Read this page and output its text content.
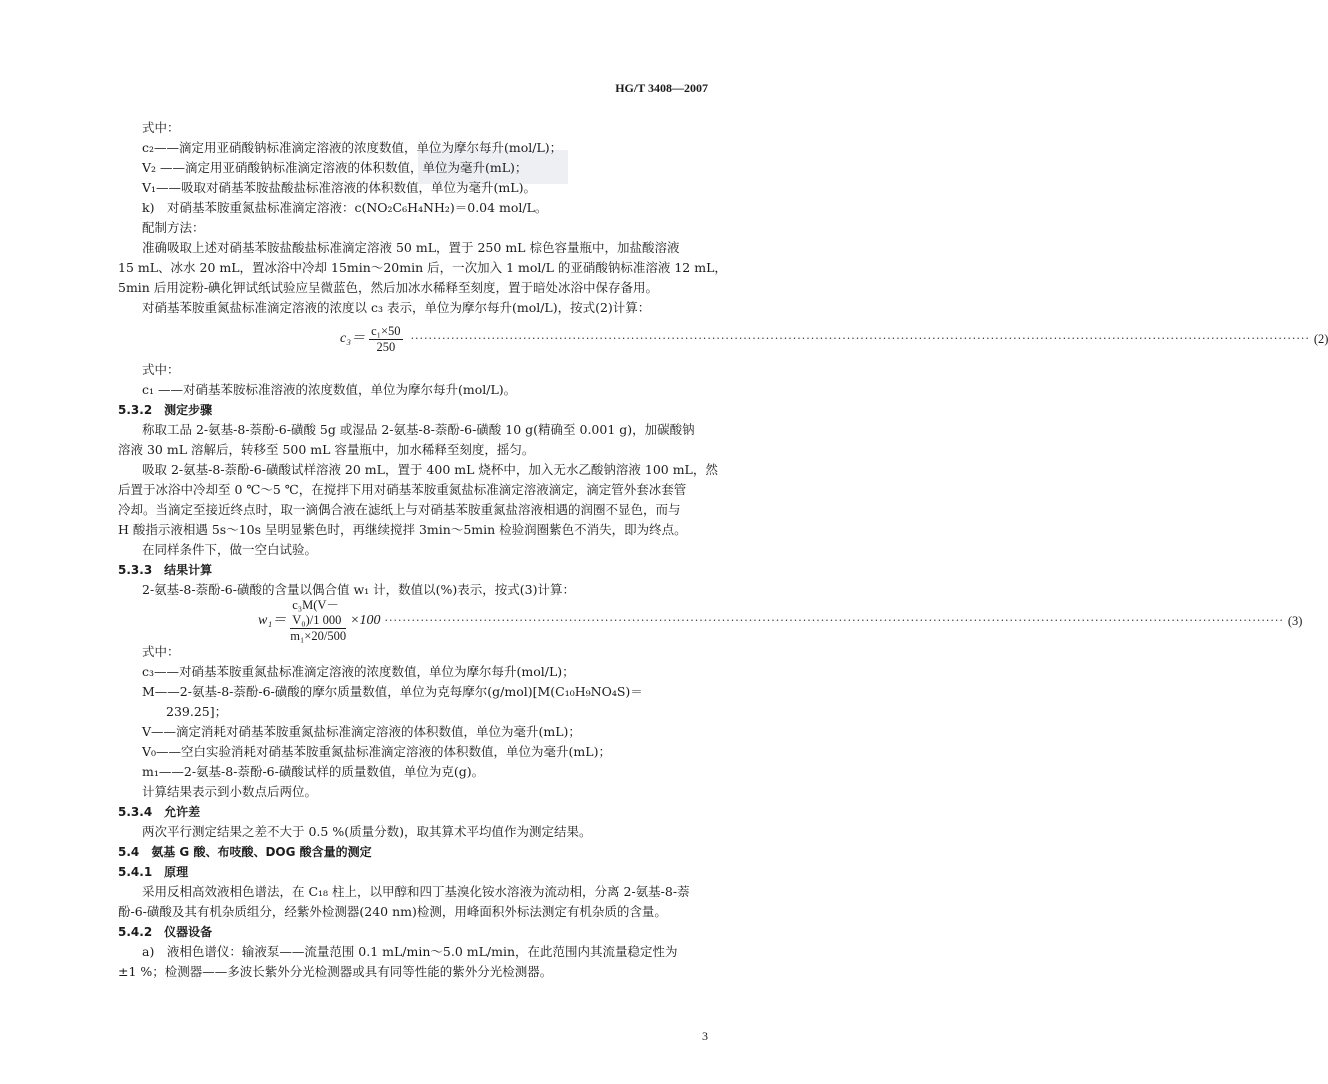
HG/T 3408—2007
式中：
c₂——滴定用亚硝酸钠标准滴定溶液的浓度数值，单位为摩尔每升(mol/L)；
V₂ ——滴定用亚硝酸钠标准滴定溶液的体积数值，单位为毫升(mL)；
V₁——吸取对硝基苯胺盐酸盐标准溶液的体积数值，单位为毫升(mL)。
k)　对硝基苯胺重氮盐标准滴定溶液：c(NO₂C₆H₄NH₂)＝0.04 mol/L。
配制方法：
准确吸取上述对硝基苯胺盐酸盐标准滴定溶液 50 mL，置于 250 mL 棕色容量瓶中，加盐酸溶液
15 mL、冰水 20 mL，置冰浴中冷却 15min～20min 后，一次加入 1 mol/L 的亚硝酸钠标准溶液 12 mL，
5min 后用淀粉-碘化钾试纸试验应呈微蓝色，然后加冰水稀释至刻度，置于暗处冰浴中保存备用。
对硝基苯胺重氮盐标准滴定溶液的浓度以 c₃ 表示，单位为摩尔每升(mol/L)，按式(2)计算：
$c_3= \frac{\text{c₁×50}}{250}$ ········································································································································································································ (2)
式中：
c₁ ——对硝基苯胺标准溶液的浓度数值，单位为摩尔每升(mol/L)。
5.3.2　测定步骤
称取工品 2-氨基-8-萘酚-6-磺酸 5g 或湿品 2-氨基-8-萘酚-6-磺酸 10 g(精确至 0.001 g)，加碳酸钠
溶液 30 mL 溶解后，转移至 500 mL 容量瓶中，加水稀释至刻度，摇匀。
吸取 2-氨基-8-萘酚-6-磺酸试样溶液 20 mL，置于 400 mL 烧杯中，加入无水乙酸钠溶液 100 mL，然
后置于冰浴中冷却至 0 ℃～5 ℃，在搅拌下用对硝基苯胺重氮盐标准滴定溶液滴定，滴定管外套冰套管
冷却。当滴定至接近终点时，取一滴偶合液在滤纸上与对硝基苯胺重氮盐溶液相遇的润圈不显色，而与
H 酸指示液相遇 5s～10s 呈明显紫色时，再继续搅拌 3min～5min 检验润圈紫色不消失，即为终点。
在同样条件下，做一空白试验。
5.3.3　结果计算
2-氨基-8-萘酚-6-磺酸的含量以偶合值 w₁ 计，数值以(%)表示，按式(3)计算：
$w_1= \frac{\text{c₃M(V－V₀)/1 000}}{\text{m₁×20/500}} \times 100$ ········································································································································································································ (3)
式中：
c₃——对硝基苯胺重氮盐标准滴定溶液的浓度数值，单位为摩尔每升(mol/L)；
M——2-氨基-8-萘酚-6-磺酸的摩尔质量数值，单位为克每摩尔(g/mol)[M(C₁₀H₉NO₄S)＝
239.25]；
V——滴定消耗对硝基苯胺重氮盐标准滴定溶液的体积数值，单位为毫升(mL)；
V₀——空白实验消耗对硝基苯胺重氮盐标准滴定溶液的体积数值，单位为毫升(mL)；
m₁——2-氨基-8-萘酚-6-磺酸试样的质量数值，单位为克(g)。
计算结果表示到小数点后两位。
5.3.4　允许差
两次平行测定结果之差不大于 0.5 %(质量分数)，取其算术平均值作为测定结果。
5.4　氨基 G 酸、布吱酸、DOG 酸含量的测定
5.4.1　原理
采用反相高效液相色谱法，在 C₁₈ 柱上，以甲醇和四丁基溴化铵水溶液为流动相，分离 2-氨基-8-萘
酚-6-磺酸及其有机杂质组分，经紫外检测器(240 nm)检测，用峰面积外标法测定有机杂质的含量。
5.4.2　仪器设备
a)　液相色谱仪：输液泵——流量范围 0.1 mL/min～5.0 mL/min，在此范围内其流量稳定性为
±1 %；检测器——多波长紫外分光检测器或具有同等性能的紫外分光检测器。
3
